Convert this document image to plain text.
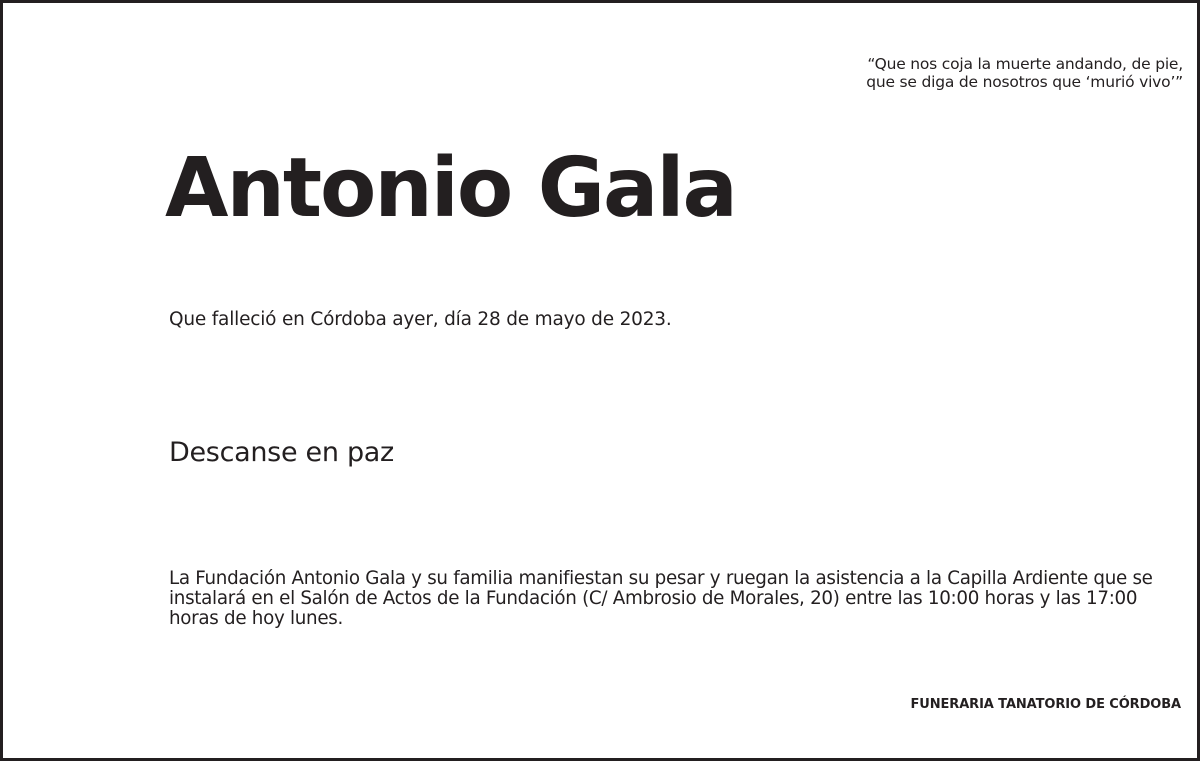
“Que nos coja la muerte andando, de pie,
que se diga de nosotros que ‘murió vivo’”
Antonio Gala
Que falleció en Córdoba ayer, día 28 de mayo de 2023.
Descanse en paz
La Fundación Antonio Gala y su familia manifiestan su pesar y ruegan la asistencia a la Capilla Ardiente que se instalará en el Salón de Actos de la Fundación (C/ Ambrosio de Morales, 20) entre las 10:00 horas y las 17:00 horas de hoy lunes.
FUNERARIA TANATORIO DE CÓRDOBA
